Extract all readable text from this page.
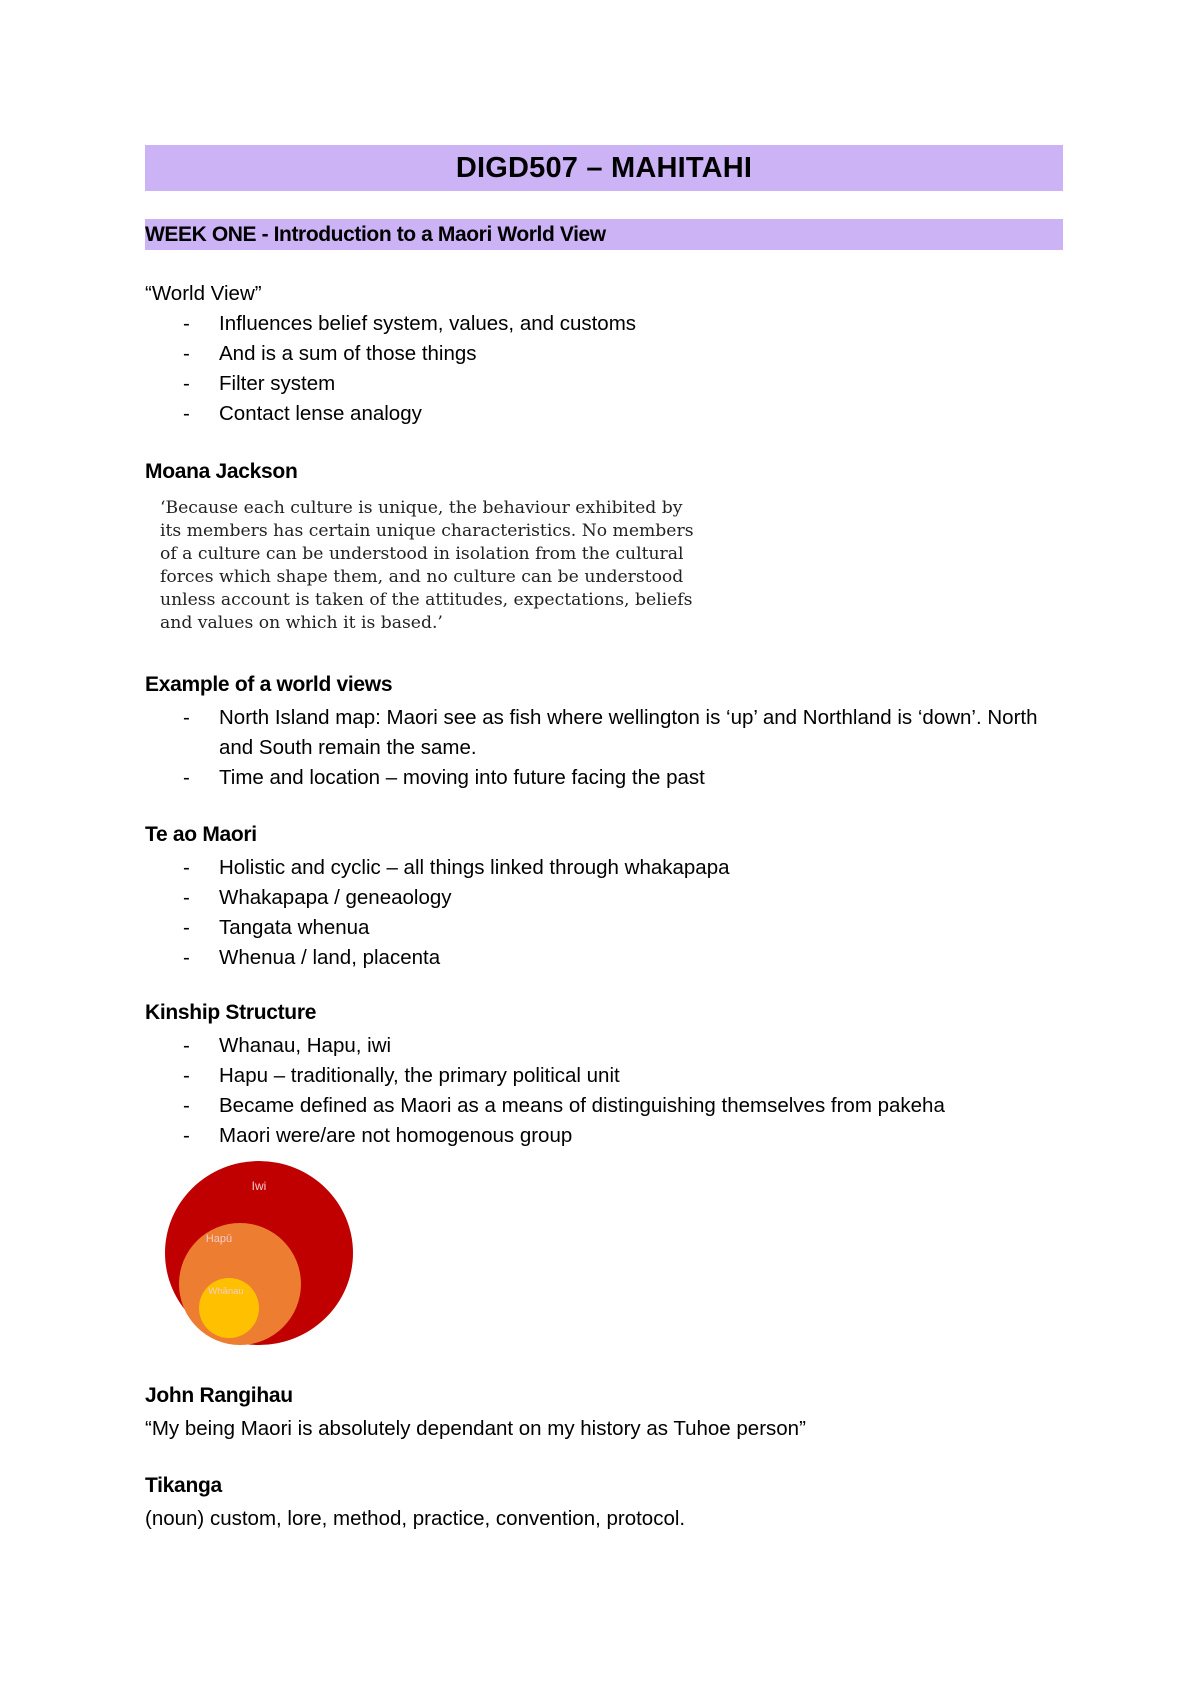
DIGD507 – MAHITAHI
WEEK ONE - Introduction to a Maori World View
“World View”
- Influences belief system, values, and customs
- And is a sum of those things
- Filter system
- Contact lense analogy
Moana Jackson
‘Because each culture is unique, the behaviour exhibited by
its members has certain unique characteristics. No members
of a culture can be understood in isolation from the cultural
forces which shape them, and no culture can be understood
unless account is taken of the attitudes, expectations, beliefs
and values on which it is based.’
Example of a world views
- North Island map: Maori see as fish where wellington is ‘up’ and Northland is ‘down’. North and South remain the same.
- Time and location – moving into future facing the past
Te ao Maori
- Holistic and cyclic – all things linked through whakapapa
- Whakapapa / geneaology
- Tangata whenua
- Whenua / land, placenta
Kinship Structure
- Whanau, Hapu, iwi
- Hapu – traditionally, the primary political unit
- Became defined as Maori as a means of distinguishing themselves from pakeha
- Maori were/are not homogenous group
Iwi
Hapū
Whānau
John Rangihau
“My being Maori is absolutely dependant on my history as Tuhoe person”
Tikanga
(noun) custom, lore, method, practice, convention, protocol.
